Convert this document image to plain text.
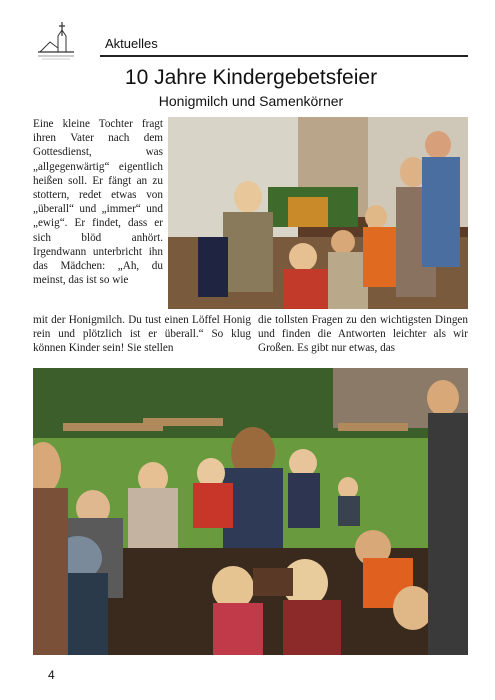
Aktuelles
10 Jahre Kindergebetsfeier
Honigmilch und Samenkörner

Eine kleine Tochter fragt ihren Vater nach dem Gottesdienst, was „allgegenwärtig“ eigentlich heißen soll. Er fängt an zu stottern, redet etwas von „überall“ und „immer“ und „ewig“. Er findet, dass er sich blöd anhört. Irgendwann unterbricht ihn das Mädchen: „Ah, du meinst, das ist so wie

mit der Honigmilch. Du tust einen Löffel Honig rein und plötzlich ist er überall.“ So klug können Kinder sein! Sie stellen

die tollsten Fragen zu den wichtigsten Dingen und finden die Antworten leichter als wir Großen. Es gibt nur etwas, das

4
